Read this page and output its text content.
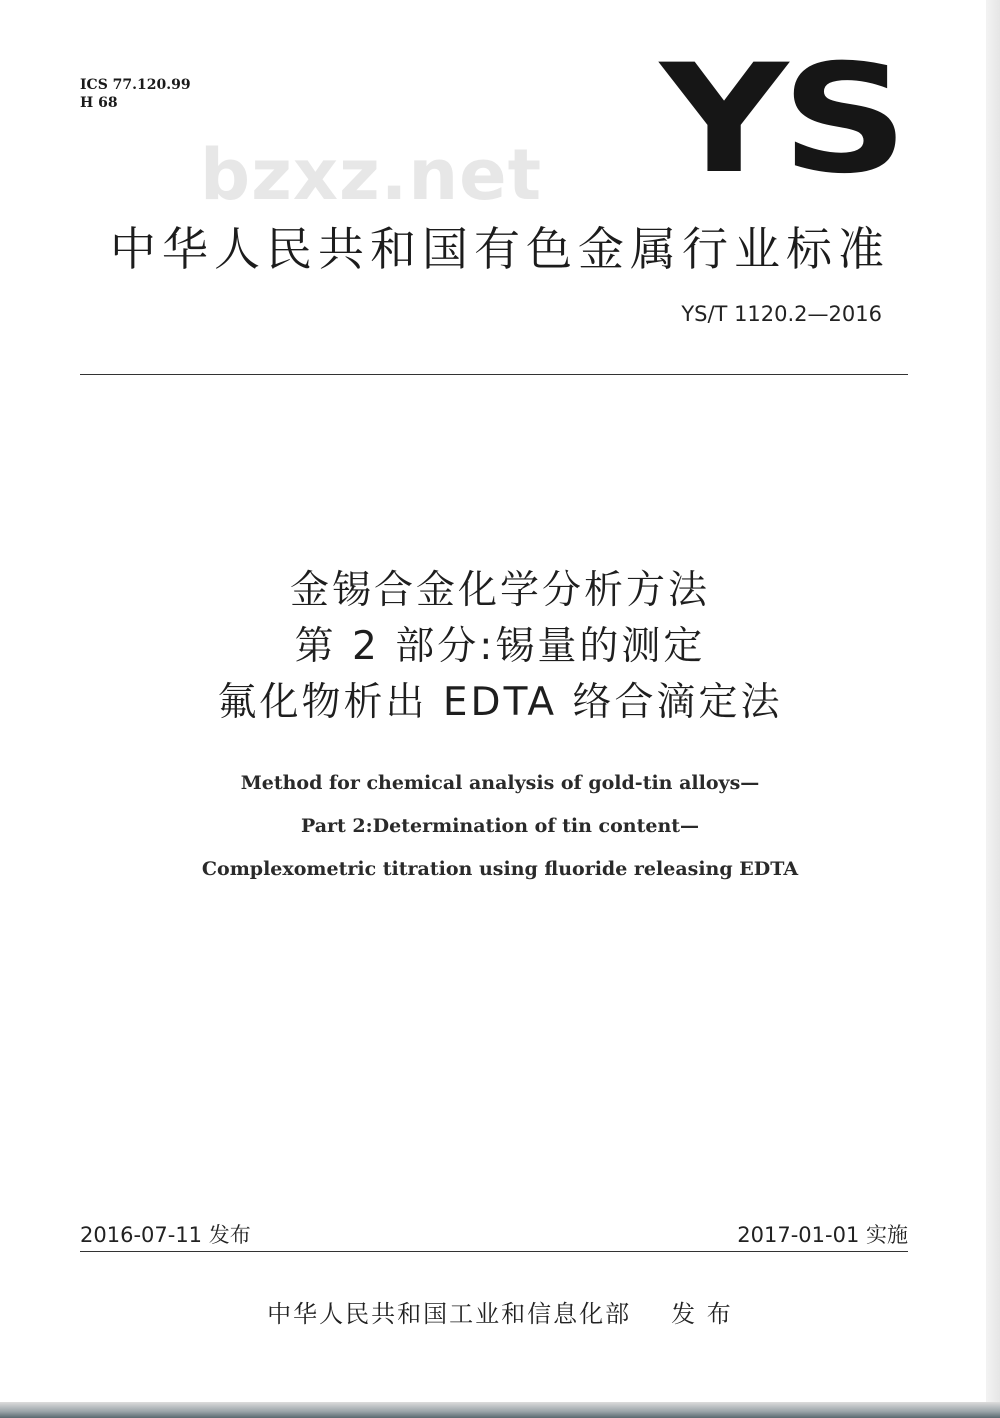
ICS 77.120.99
H 68
bzxz.net YS
中华人民共和国有色金属行业标准
YS/T 1120.2—2016
金锡合金化学分析方法
第 2 部分:锡量的测定
氟化物析出 EDTA 络合滴定法
Method for chemical analysis of gold-tin alloys—
Part 2:Determination of tin content—
Complexometric titration using fluoride releasing EDTA
2016-07-11 发布	2017-01-01 实施
中华人民共和国工业和信息化部 发 布
